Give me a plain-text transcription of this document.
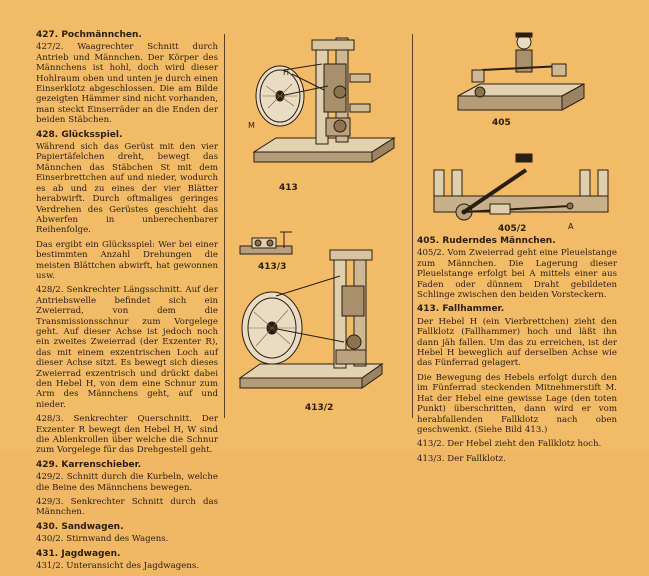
427. Pochmännchen.
427/2. Waagrechter Schnitt durch Antrieb und Männchen. Der Körper des Männchens ist hohl, doch wird dieser Hohlraum oben und unten je durch einen Einserklotz abgeschlossen. Die am Bilde gezeigten Hämmer sind nicht vorhanden, man steckt Einserräder an die Enden der beiden Stäbchen.
428. Glücksspiel.
Während sich das Gerüst mit den vier Papiertäfelchen dreht, bewegt das Männchen das Stäbchen St mit dem Einserbrettchen auf und nieder, wodurch es ab und zu eines der vier Blätter herabwirft. Durch oftmaliges geringes Verdrehen des Gerüstes geschieht das Abwerfen in unberechenbarer Reihenfolge.
Das ergibt ein Glücksspiel: Wer bei einer bestimmten Anzahl Drehungen die meisten Blättchen abwirft, hat gewonnen usw.
428/2. Senkrechter Längsschnitt. Auf der Antriebswelle befindet sich ein Zweierrad, von dem die Transmissionsschnur zum Vorgelege geht. Auf dieser Achse ist jedoch noch ein zweites Zweierrad (der Exzenter R), das mit einem exzentrischen Loch auf dieser Achse sitzt. Es bewegt sich dieses Zweierrad exzentrisch und drückt dabei den Hebel H, von dem eine Schnur zum Arm des Männchens geht, auf und nieder.
428/3. Senkrechter Querschnitt. Der Exzenter R bewegt den Hebel H, W sind die Ablenkrollen über welche die Schnur zum Vorgelege für das Drehgestell geht.
429. Karrenschieber.
429/2. Schnitt durch die Kurbeln, welche die Beine des Männchens bewegen.
429/3. Senkrechter Schnitt durch das Männchen.
430. Sandwagen.
430/2. Stirnwand des Wagens.
431. Jagdwagen.
431/2. Unteransicht des Jagdwagens.
H
M
413
413/3
413/2
405
A
405/2
405. Ruderndes Männchen.
405/2. Vom Zweierrad geht eine Pleuelstange zum Männchen. Die Lagerung dieser Pleuelstange erfolgt bei A mittels einer aus Faden oder dünnem Draht gebildeten Schlinge zwischen den beiden Vorsteckern.
413. Fallhammer.
Der Hebel H (ein Vierbrettchen) zieht den Fallklotz (Fallhammer) hoch und läßt ihn dann jäh fallen. Um das zu erreichen, ist der Hebel H beweglich auf derselben Achse wie das Fünferrad gelagert.
Die Bewegung des Hebels erfolgt durch den im Fünferrad steckenden Mitnehmerstift M. Hat der Hebel eine gewisse Lage (den toten Punkt) überschritten, dann wird er vom herabfallenden Fallklotz nach oben geschwenkt. (Siehe Bild 413.)
413/2. Der Hebel zieht den Fallklotz hoch.
413/3. Der Fallklotz.
